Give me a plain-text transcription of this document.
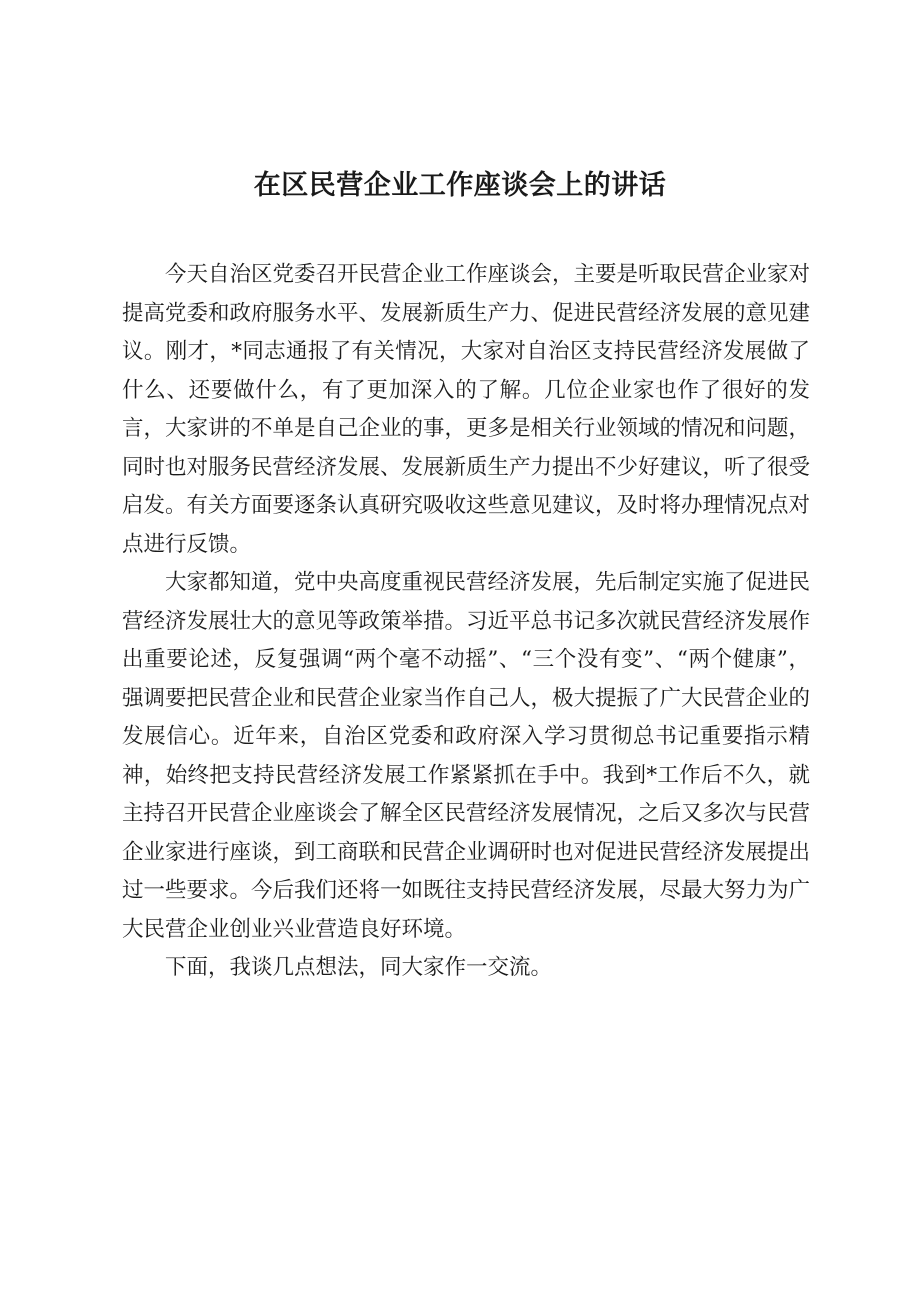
在区民营企业工作座谈会上的讲话

今天自治区党委召开民营企业工作座谈会，主要是听取民营企业家对提高党委和政府服务水平、发展新质生产力、促进民营经济发展的意见建议。刚才，*同志通报了有关情况，大家对自治区支持民营经济发展做了什么、还要做什么，有了更加深入的了解。几位企业家也作了很好的发言，大家讲的不单是自己企业的事，更多是相关行业领域的情况和问题，同时也对服务民营经济发展、发展新质生产力提出不少好建议，听了很受启发。有关方面要逐条认真研究吸收这些意见建议，及时将办理情况点对点进行反馈。

大家都知道，党中央高度重视民营经济发展，先后制定实施了促进民营经济发展壮大的意见等政策举措。习近平总书记多次就民营经济发展作出重要论述，反复强调“两个毫不动摇”、“三个没有变”、“两个健康”，强调要把民营企业和民营企业家当作自己人，极大提振了广大民营企业的发展信心。近年来，自治区党委和政府深入学习贯彻总书记重要指示精神，始终把支持民营经济发展工作紧紧抓在手中。我到*工作后不久，就主持召开民营企业座谈会了解全区民营经济发展情况，之后又多次与民营企业家进行座谈，到工商联和民营企业调研时也对促进民营经济发展提出过一些要求。今后我们还将一如既往支持民营经济发展，尽最大努力为广大民营企业创业兴业营造良好环境。

下面，我谈几点想法，同大家作一交流。
